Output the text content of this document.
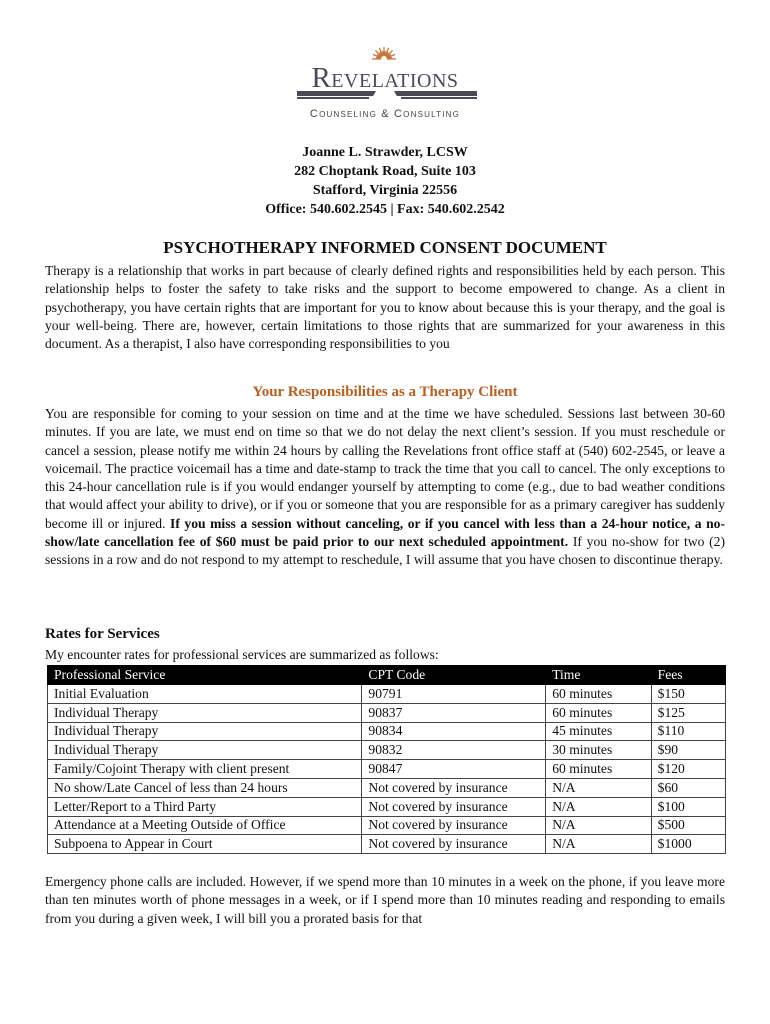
Revelations
Counseling & Consulting
Joanne L. Strawder, LCSW
282 Choptank Road, Suite 103
Stafford, Virginia 22556
Office: 540.602.2545 | Fax: 540.602.2542
PSYCHOTHERAPY INFORMED CONSENT DOCUMENT
Therapy is a relationship that works in part because of clearly defined rights and responsibilities held by each person. This relationship helps to foster the safety to take risks and the support to become empowered to change. As a client in psychotherapy, you have certain rights that are important for you to know about because this is your therapy, and the goal is your well-being. There are, however, certain limitations to those rights that are summarized for your awareness in this document. As a therapist, I also have corresponding responsibilities to you
Your Responsibilities as a Therapy Client
You are responsible for coming to your session on time and at the time we have scheduled. Sessions last between 30-60 minutes. If you are late, we must end on time so that we do not delay the next client’s session. If you must reschedule or cancel a session, please notify me within 24 hours by calling the Revelations front office staff at (540) 602-2545, or leave a voicemail. The practice voicemail has a time and date-stamp to track the time that you call to cancel. The only exceptions to this 24-hour cancellation rule is if you would endanger yourself by attempting to come (e.g., due to bad weather conditions that would affect your ability to drive), or if you or someone that you are responsible for as a primary caregiver has suddenly become ill or injured. If you miss a session without canceling, or if you cancel with less than a 24-hour notice, a no-show/late cancellation fee of $60 must be paid prior to our next scheduled appointment. If you no-show for two (2) sessions in a row and do not respond to my attempt to reschedule, I will assume that you have chosen to discontinue therapy.
Rates for Services
My encounter rates for professional services are summarized as follows:
Professional Service	CPT Code	Time	Fees
Initial Evaluation	90791	60 minutes	$150
Individual Therapy	90837	60 minutes	$125
Individual Therapy	90834	45 minutes	$110
Individual Therapy	90832	30 minutes	$90
Family/Cojoint Therapy with client present	90847	60 minutes	$120
No show/Late Cancel of less than 24 hours	Not covered by insurance	N/A	$60
Letter/Report to a Third Party	Not covered by insurance	N/A	$100
Attendance at a Meeting Outside of Office	Not covered by insurance	N/A	$500
Subpoena to Appear in Court	Not covered by insurance	N/A	$1000
Emergency phone calls are included. However, if we spend more than 10 minutes in a week on the phone, if you leave more than ten minutes worth of phone messages in a week, or if I spend more than 10 minutes reading and responding to emails from you during a given week, I will bill you a prorated basis for that
